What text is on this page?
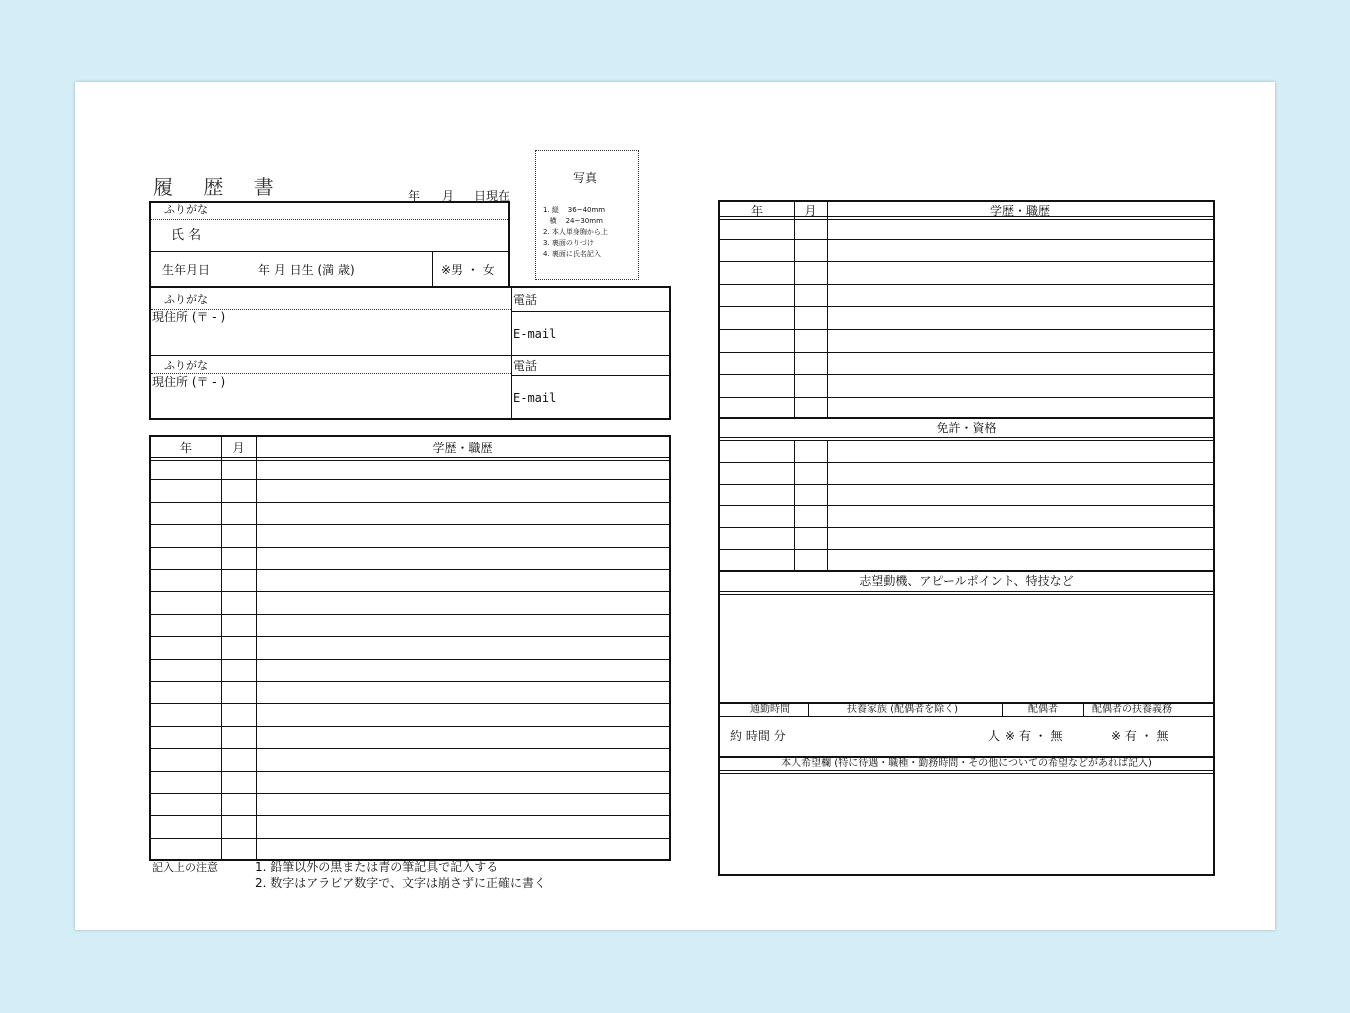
履 歴 書	年 月 日現在
写真
1. 縦    36~40mm
横    24~30mm
2. 本人単身胸から上
3. 裏面のりづけ
4. 裏面に氏名記入
ふりがな
氏 名
生年月日	年 月 日生 (満 歳)	※男 ・ 女
ふりがな
現住所 (〒 - )
電話
E-mail
ふりがな
現住所 (〒 - )
電話
E-mail
年	月	学歴・職歴
記入上の注意	1. 鉛筆以外の黒または青の筆記具で記入する
2. 数字はアラビア数字で、文字は崩さずに正確に書く
年	月	学歴・職歴
免許・資格
志望動機、アピールポイント、特技など
通勤時間	扶養家族 (配偶者を除く)	配偶者	配偶者の扶養義務
約 時間 分	人 ※ 有 ・ 無	※ 有 ・ 無
本人希望欄 (特に待遇・職種・勤務時間・その他についての希望などがあれば記入)
